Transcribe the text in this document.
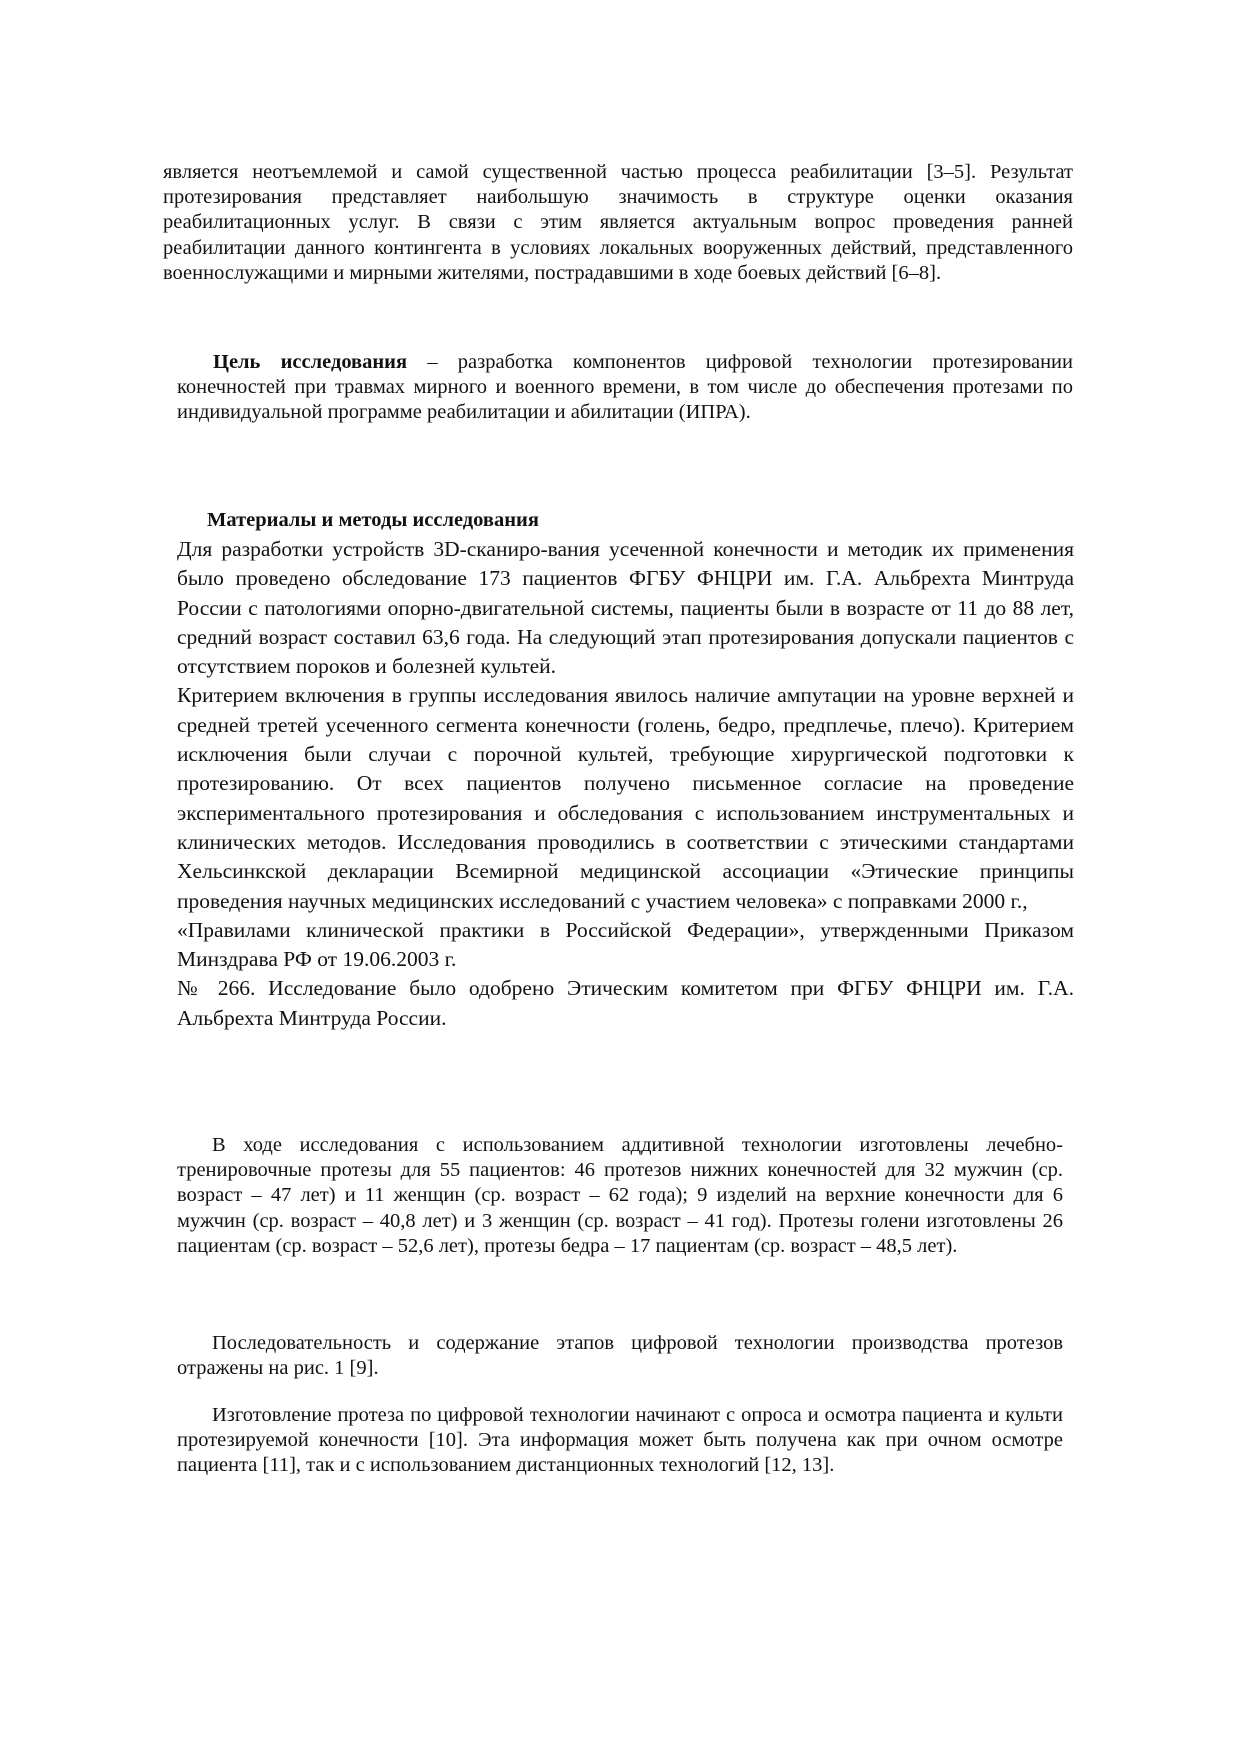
является неотъемлемой и самой существенной частью процесса реабилитации [3–5]. Результат протезирования представляет наибольшую значимость в структуре оценки оказания реабилитационных услуг. В связи с этим является актуальным вопрос проведения ранней реабилитации данного контингента в условиях локальных вооруженных действий, представленного военнослужащими и мирными жителями, пострадавшими в ходе боевых действий [6–8].

Цель исследования – разработка компонентов цифровой технологии протезировании конечностей при травмах мирного и военного времени, в том числе до обеспечения протезами по индивидуальной программе реабилитации и абилитации (ИПРА).

Материалы и методы исследования

Для разработки устройств 3D-сканиро-вания усеченной конечности и методик их применения было проведено обследование 173 пациентов ФГБУ ФНЦРИ им. Г.А. Альбрехта Минтруда России с патологиями опорно-двигательной системы, пациенты были в возрасте от 11 до 88 лет, средний возраст составил 63,6 года. На следующий этап протезирования допускали пациентов с отсутствием пороков и болезней культей.
Критерием включения в группы исследования явилось наличие ампутации на уровне верхней и средней третей усеченного сегмента конечности (голень, бедро, предплечье, плечо). Критерием исключения были случаи с порочной культей, требующие хирургической подготовки к протезированию. От всех пациентов получено письменное согласие на проведение экспериментального протезирования и обследования с использованием инструментальных и клинических методов. Исследования проводились в соответствии с этическими стандартами Хельсинкской декларации Всемирной медицинской ассоциации «Этические принципы проведения научных медицинских исследований с участием человека» с поправками 2000 г.,
«Правилами клинической практики в Российской Федерации», утвержденными Приказом Минздрава РФ от 19.06.2003 г.
№ 266. Исследование было одобрено Этическим комитетом при ФГБУ ФНЦРИ им. Г.А. Альбрехта Минтруда России.

В ходе исследования с использованием аддитивной технологии изготовлены лечебно-тренировочные протезы для 55 пациентов: 46 протезов нижних конечностей для 32 мужчин (ср. возраст – 47 лет) и 11 женщин (ср. возраст – 62 года); 9 изделий на верхние конечности для 6 мужчин (ср. возраст – 40,8 лет) и 3 женщин (ср. возраст – 41 год). Протезы голени изготовлены 26 пациентам (ср. возраст – 52,6 лет), протезы бедра – 17 пациентам (ср. возраст – 48,5 лет).

Последовательность и содержание этапов цифровой технологии производства протезов отражены на рис. 1 [9].

Изготовление протеза по цифровой технологии начинают с опроса и осмотра пациента и культи протезируемой конечности [10]. Эта информация может быть получена как при очном осмотре пациента [11], так и с использованием дистанционных технологий [12, 13].
